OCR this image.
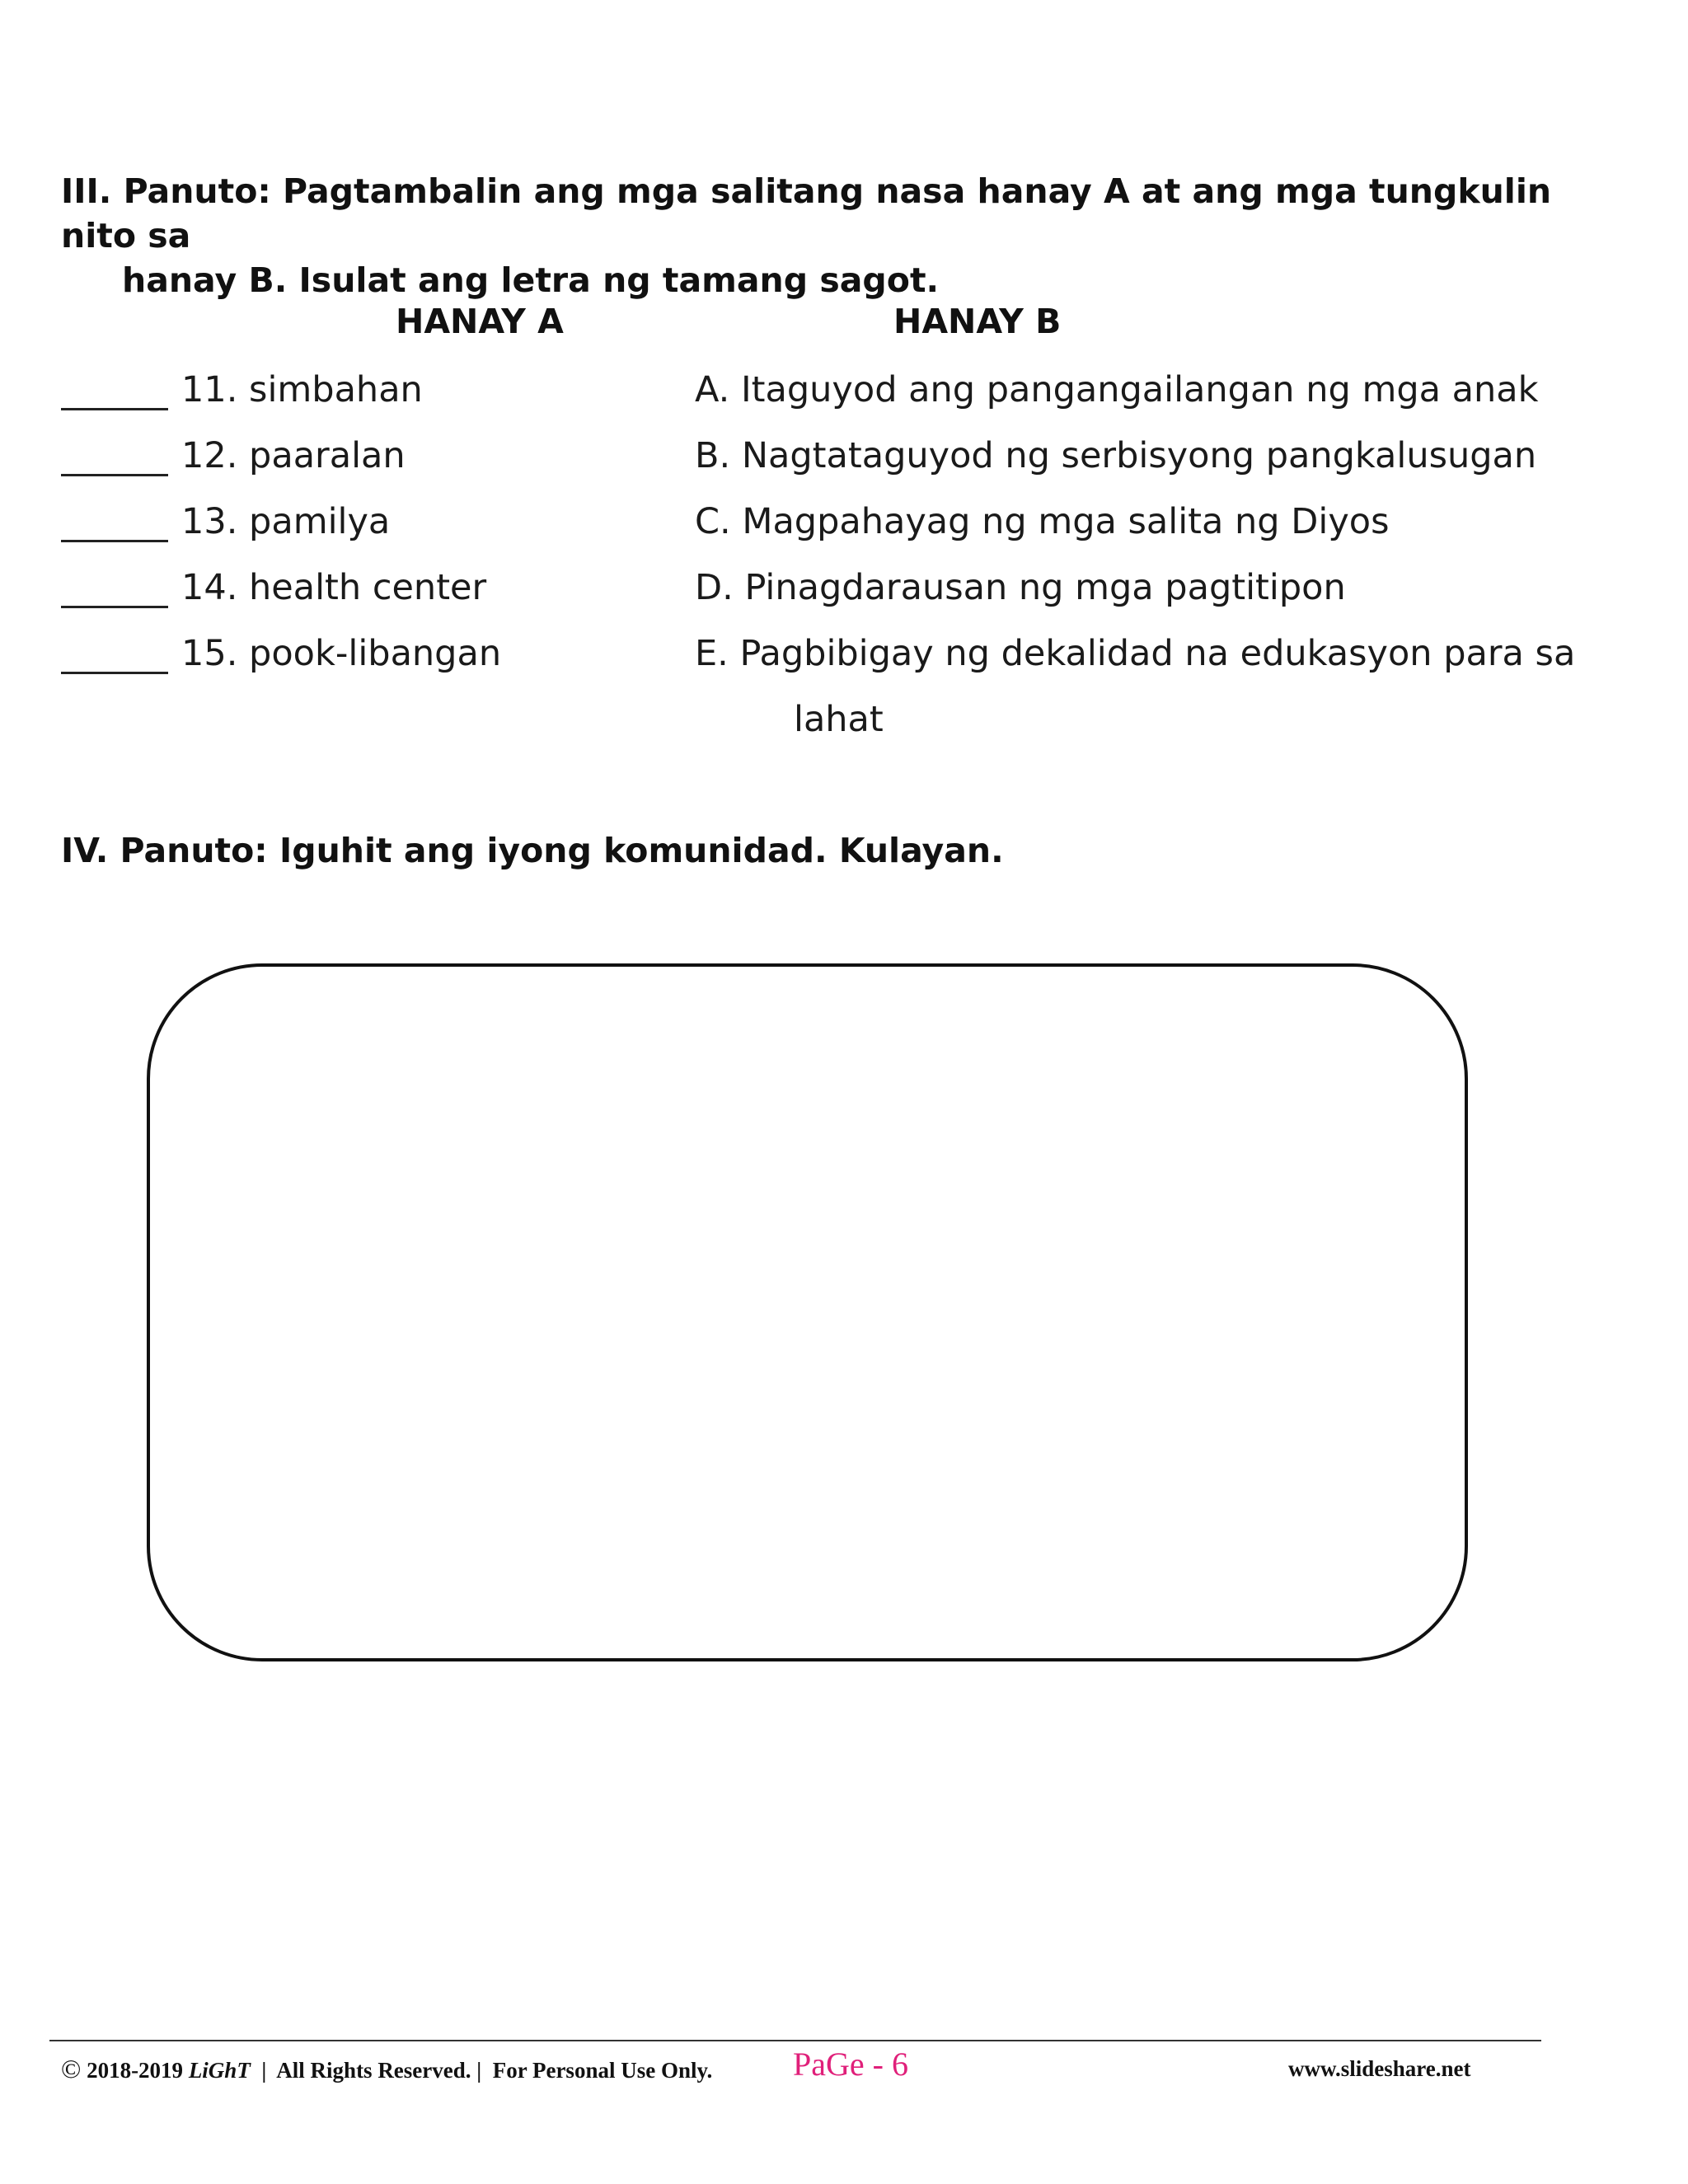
III. Panuto: Pagtambalin ang mga salitang nasa hanay A at ang mga tungkulin nito sa
hanay B. Isulat ang letra ng tamang sagot.
HANAY A	HANAY B
11. simbahan
12. paaralan
13. pamilya
14. health center
15. pook-libangan
A. Itaguyod ang pangangailangan ng mga anak
B. Nagtataguyod ng serbisyong pangkalusugan
C. Magpahayag ng mga salita ng Diyos
D. Pinagdarausan ng mga pagtitipon
E. Pagbibigay ng dekalidad na edukasyon para sa
lahat
IV. Panuto: Iguhit ang iyong komunidad. Kulayan.
© 2018-2019 LiGhT | All Rights Reserved. | For Personal Use Only. PaGe - 6	www.slideshare.net
